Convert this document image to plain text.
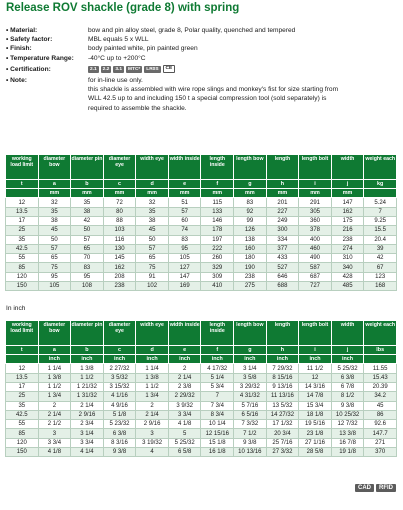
Release ROV shackle (grade 8) with spring
• Material:	bow and pin alloy steel, grade 8, Polar quality, quenched and tempered
• Safety factor:	MBL equals 5 x WLL
• Finish:	body painted white, pin painted green
• Temperature Range:	-40°C up to +200°C
• Certification:	2.1	2.2	3.1	MTC*	LR0S	CE
• Note:	for in-line use only.
this shackle is assembled with wire rope slings and monkey's fist for size starting from
WLL 42.5 up to and including 150 t a special compression tool (sold separately) is
required to assemble the shackle.
working load limit	diameter bow	diameter pin	diameter eye	width eye	width inside	length inside	length bow	length	length bolt	width	weight each
t	a	b	c	d	e	f	g	h	i	j	kg
	mm	mm	mm	mm	mm	mm	mm	mm	mm	mm	
12	32	35	72	32	51	115	83	201	291	147	5.24
13.5	35	38	80	35	57	133	92	227	305	162	7
17	38	42	88	38	60	146	99	249	360	175	9.25
25	45	50	103	45	74	178	126	300	378	216	15.5
35	50	57	116	50	83	197	138	334	400	238	20.4
42.5	57	65	130	57	95	222	160	377	460	274	39
55	65	70	145	65	105	260	180	433	490	310	42
85	75	83	162	75	127	329	190	527	587	340	67
120	95	95	208	91	147	309	238	646	687	428	123
150	105	108	238	102	169	410	275	688	727	485	168
In inch
working load limit	diameter bow	diameter pin	diameter eye	width eye	width inside	length inside	length bow	length	length bolt	width	weight each
t	a	b	c	d	e	f	g	h	i	j	lbs
	inch	inch	inch	inch	inch	inch	inch	inch	inch	inch	
12	1 1/4	1 3/8	2 27/32	1 1/4	2	4 17/32	3 1/4	7 29/32	11 1/2	5 25/32	11.55
13.5	1 3/8	1 1/2	3 5/32	1 3/8	2 1/4	5 1/4	3 5/8	8 15/16	12	6 3/8	15.43
17	1 1/2	1 21/32	3 15/32	1 1/2	2 3/8	5 3/4	3 29/32	9 13/16	14 3/16	6 7/8	20.39
25	1 3/4	1 31/32	4 1/16	1 3/4	2 29/32	7	4 31/32	11 13/16	14 7/8	8 1/2	34.2
35	2	2 1/4	4 9/16	2	3 9/32	7 3/4	5 7/16	13 5/32	15 3/4	9 3/8	45
42.5	2 1/4	2 9/16	5 1/8	2 1/4	3 3/4	8 3/4	6 5/16	14 27/32	18 1/8	10 25/32	86
55	2 1/2	2 3/4	5 23/32	2 9/16	4 1/8	10 1/4	7 3/32	17 1/32	19 5/16	12 7/32	92.6
85	3	3 1/4	6 3/8	3	5	12 15/16	7 1/2	20 3/4	23 1/8	13 3/8	147.7
120	3 3/4	3 3/4	8 3/16	3 19/32	5 25/32	15 1/8	9 3/8	25 7/16	27 1/16	16 7/8	271
150	4 1/8	4 1/4	9 3/8	4	6 5/8	16 1/8	10 13/16	27 3/32	28 5/8	19 1/8	370
CAD	RFID
